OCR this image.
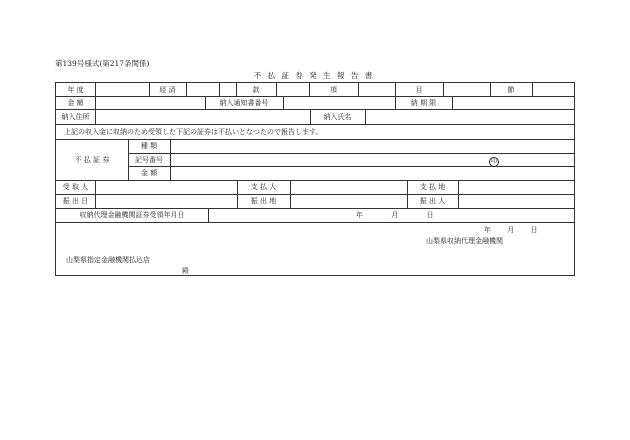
第139号様式(第217条関係)
不 払 証 券 発 生 報 告 書
年 度	経 済	款	項	目	節
金 額	納入通知書番号	納 期 限
納入住所	納入氏名
上記の収入金に収納のため受領した下記の証券は不払いとなつたので報告します。
不 払 証 券
種 類
記号番号
金 額
受 取 人	支 払 人	支 払 地
振 出 日	振 出 地	振 出 人
収納代理金融機関証券受領年月日	年 月 日
年 月 日
山梨県収納代理金融機関
山梨県指定金融機関払込店
殿
印
